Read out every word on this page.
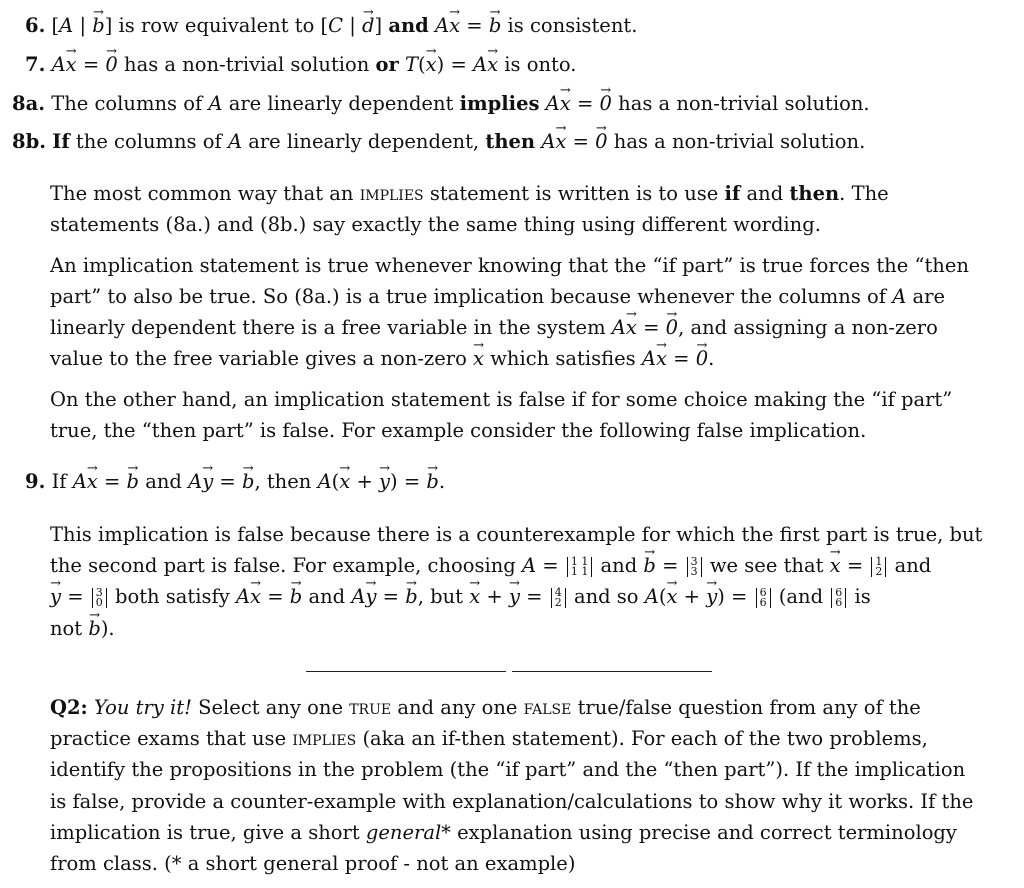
6. [A | → b] is row equivalent to [C | → d] and A→ x = → b is consistent.
7. A→ x = → 0 has a non-trivial solution or T(→ x) = A→ x is onto.
8a. The columns of A are linearly dependent implies A→ x = → 0 has a non-trivial solution.
8b. If the columns of A are linearly dependent, then A→ x = → 0 has a non-trivial solution.
The most common way that an implies statement is written is to use if and then. The
statements (8a.) and (8b.) say exactly the same thing using different wording.
An implication statement is true whenever knowing that the “if part” is true forces the “then
part” to also be true. So (8a.) is a true implication because whenever the columns of A are
linearly dependent there is a free variable in the system A→ x = → 0, and assigning a non-zero
value to the free variable gives a non-zero → x which satisfies A→ x = → 0.
On the other hand, an implication statement is false if for some choice making the “if part”
true, the “then part” is false. For example consider the following false implication.
9. If A→ x = → b and A→ y = → b, then A(→ x + → y) = → b.
This implication is false because there is a counterexample for which the first part is true, but
the second part is false. For example, choosing A = 1 1
1 1 and → b = 3
3 we see that → x = 1
2 and
→ y = 3
0 both satisfy A→ x = → b and A→ y = → b, but → x + → y = 4
2 and so A(→ x + → y) = 6
6 (and 6
6 is
not → b).
Q2: You try it! Select any one true and any one false true/false question from any of the
practice exams that use implies (aka an if-then statement). For each of the two problems,
identify the propositions in the problem (the “if part” and the “then part”). If the implication
is false, provide a counter-example with explanation/calculations to show why it works. If the
implication is true, give a short general* explanation using precise and correct terminology
from class. (* a short general proof - not an example)
